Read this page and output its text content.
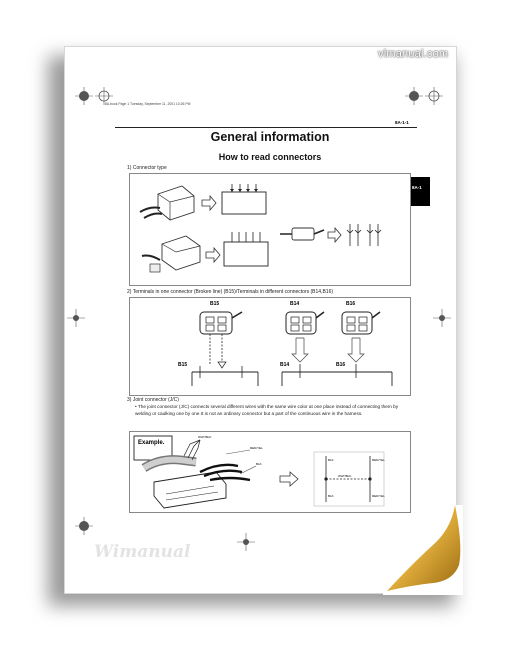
8A.book Page 1 Tuesday, September 11, 2001 10:26 PM
8A-1-1
General information
How to read connectors
8A-1
1) Connector type
2) Terminals in one connector (Broken line) (B15)/Terminals in different connectors (B14,B16)
B15	B14	B16
B15	B14	B16
3) Joint connector (J/C)
• The joint connector (J/C) connects several different wires with the same wire color at one place instead of connecting them by welding or caulking one by one.It is not an ordinary connector but a part of the continuous wire in the harness.
Example.
WHT/BLK
RED/YEL
BLK
BLK
BLK
RED/YEL
RED/YEL
WHT/BLK
vlmanual.com
Wimanual
